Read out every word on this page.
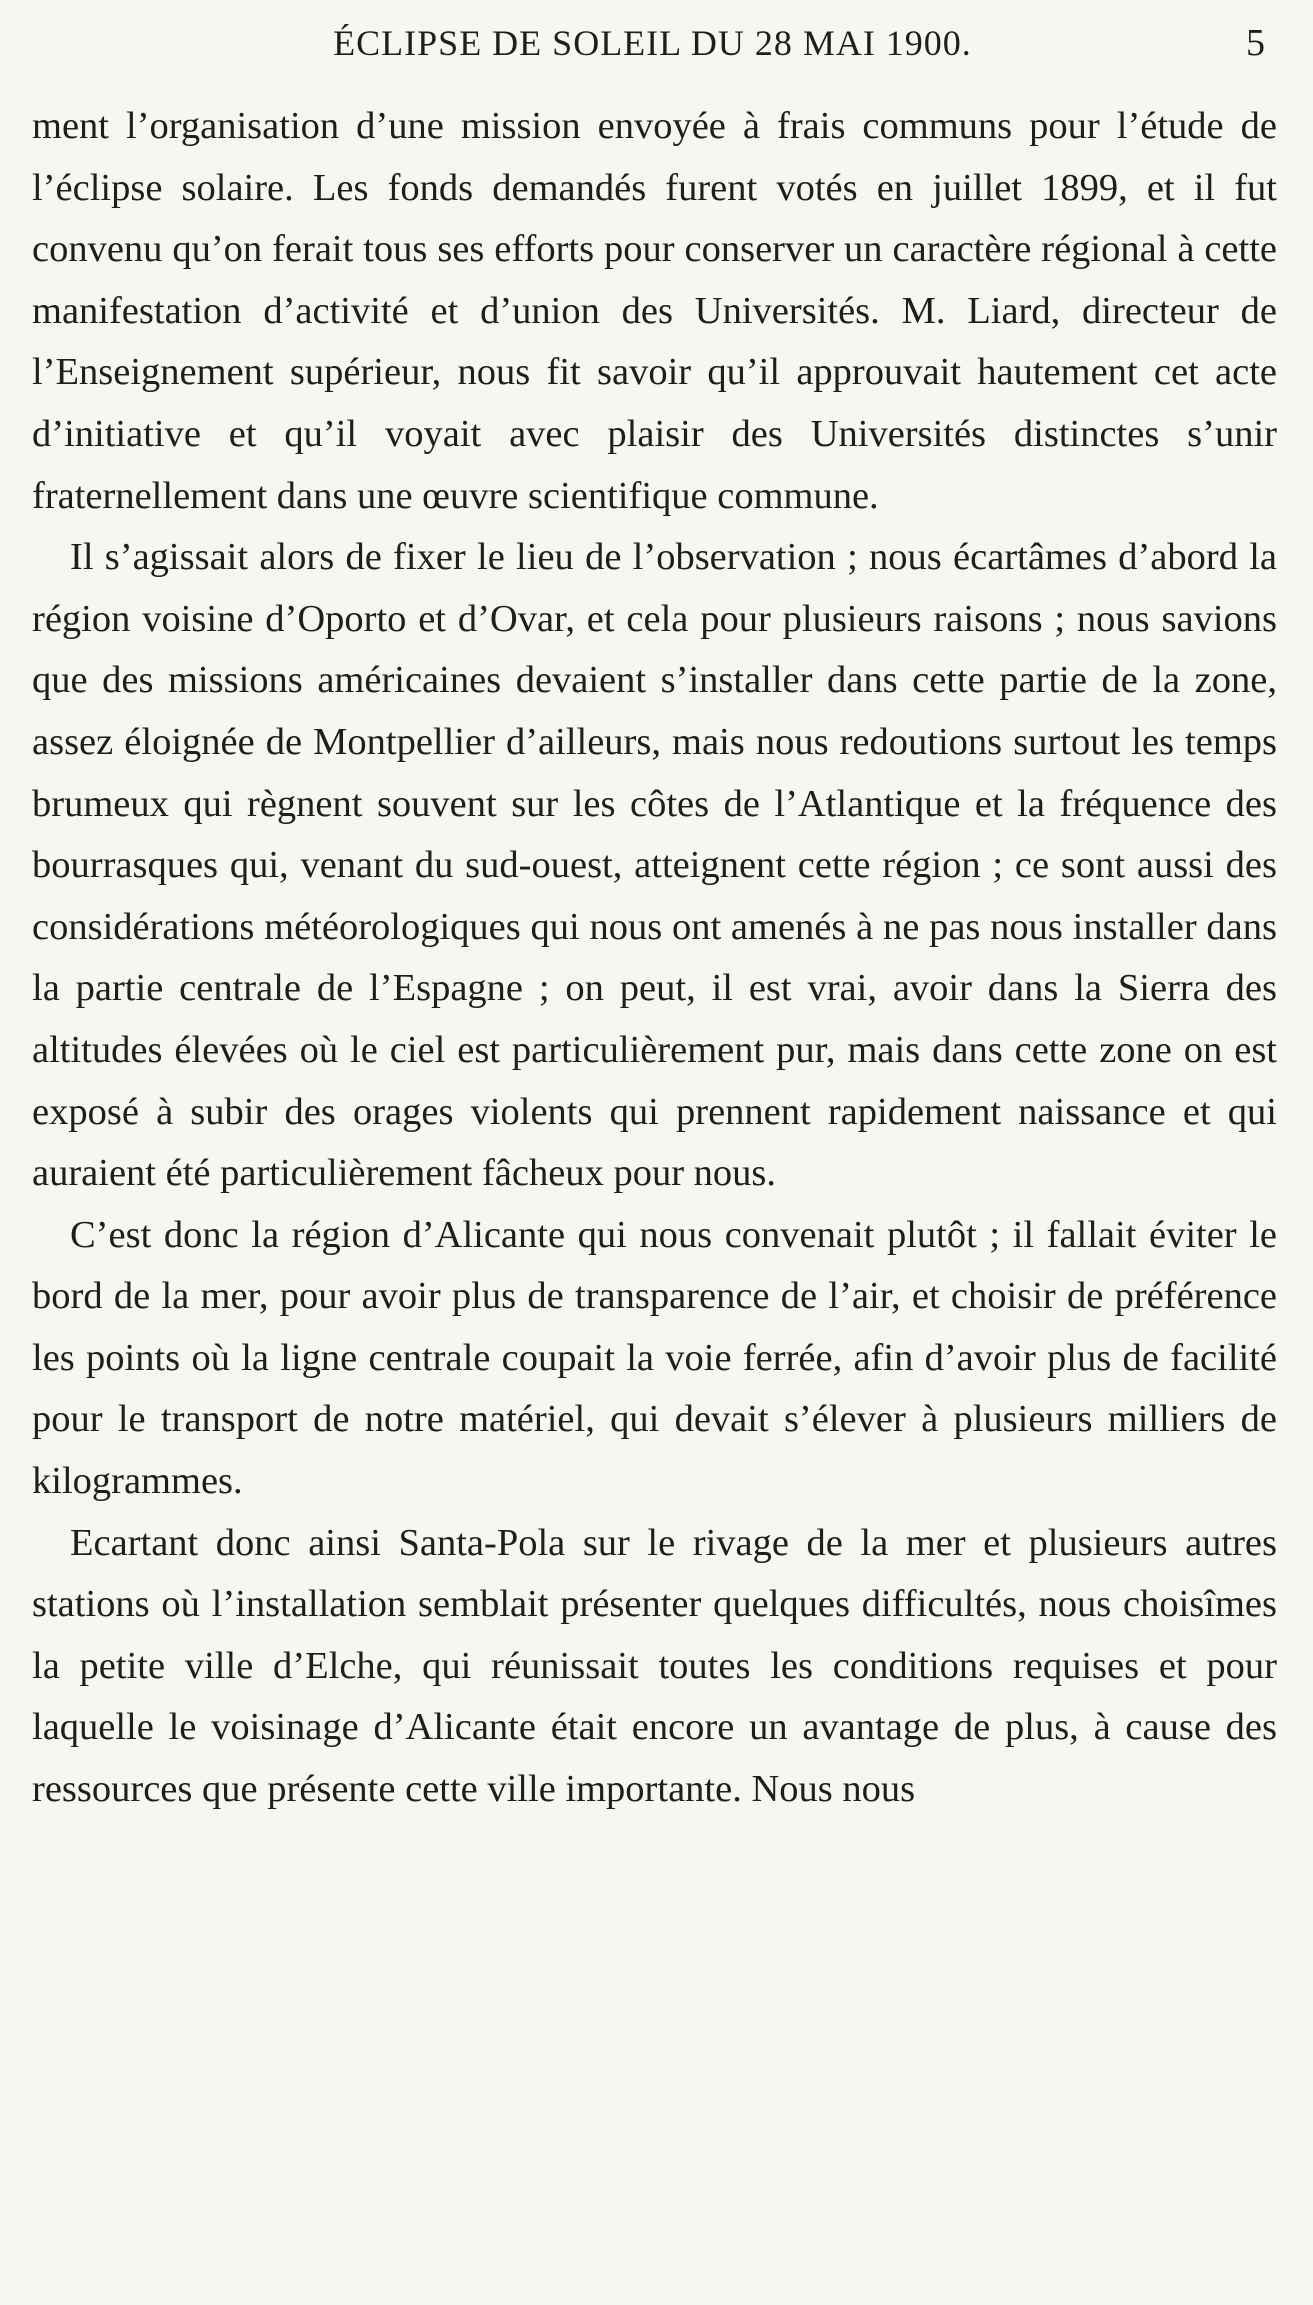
ÉCLIPSE DE SOLEIL DU 28 MAI 1900.	5

ment l’organisation d’une mission envoyée à frais communs pour l’étude de l’éclipse solaire. Les fonds demandés furent votés en juillet 1899, et il fut convenu qu’on ferait tous ses efforts pour conserver un caractère régional à cette manifestation d’activité et d’union des Universités. M. Liard, directeur de l’Enseignement supérieur, nous fit savoir qu’il approuvait hautement cet acte d’initiative et qu’il voyait avec plaisir des Universités distinctes s’unir fraternellement dans une œuvre scientifique commune.

Il s’agissait alors de fixer le lieu de l’observation ; nous écartâmes d’abord la région voisine d’Oporto et d’Ovar, et cela pour plusieurs raisons ; nous savions que des missions américaines devaient s’installer dans cette partie de la zone, assez éloignée de Montpellier d’ailleurs, mais nous redoutions surtout les temps brumeux qui règnent souvent sur les côtes de l’Atlantique et la fréquence des bourrasques qui, venant du sud-ouest, atteignent cette région ; ce sont aussi des considérations météorologiques qui nous ont amenés à ne pas nous installer dans la partie centrale de l’Espagne ; on peut, il est vrai, avoir dans la Sierra des altitudes élevées où le ciel est particulièrement pur, mais dans cette zone on est exposé à subir des orages violents qui prennent rapidement naissance et qui auraient été particulièrement fâcheux pour nous.

C’est donc la région d’Alicante qui nous convenait plutôt ; il fallait éviter le bord de la mer, pour avoir plus de transparence de l’air, et choisir de préférence les points où la ligne centrale coupait la voie ferrée, afin d’avoir plus de facilité pour le transport de notre matériel, qui devait s’élever à plusieurs milliers de kilogrammes.

Ecartant donc ainsi Santa-Pola sur le rivage de la mer et plusieurs autres stations où l’installation semblait présenter quelques difficultés, nous choisîmes la petite ville d’Elche, qui réunissait toutes les conditions requises et pour laquelle le voisinage d’Alicante était encore un avantage de plus, à cause des ressources que présente cette ville importante. Nous nous
